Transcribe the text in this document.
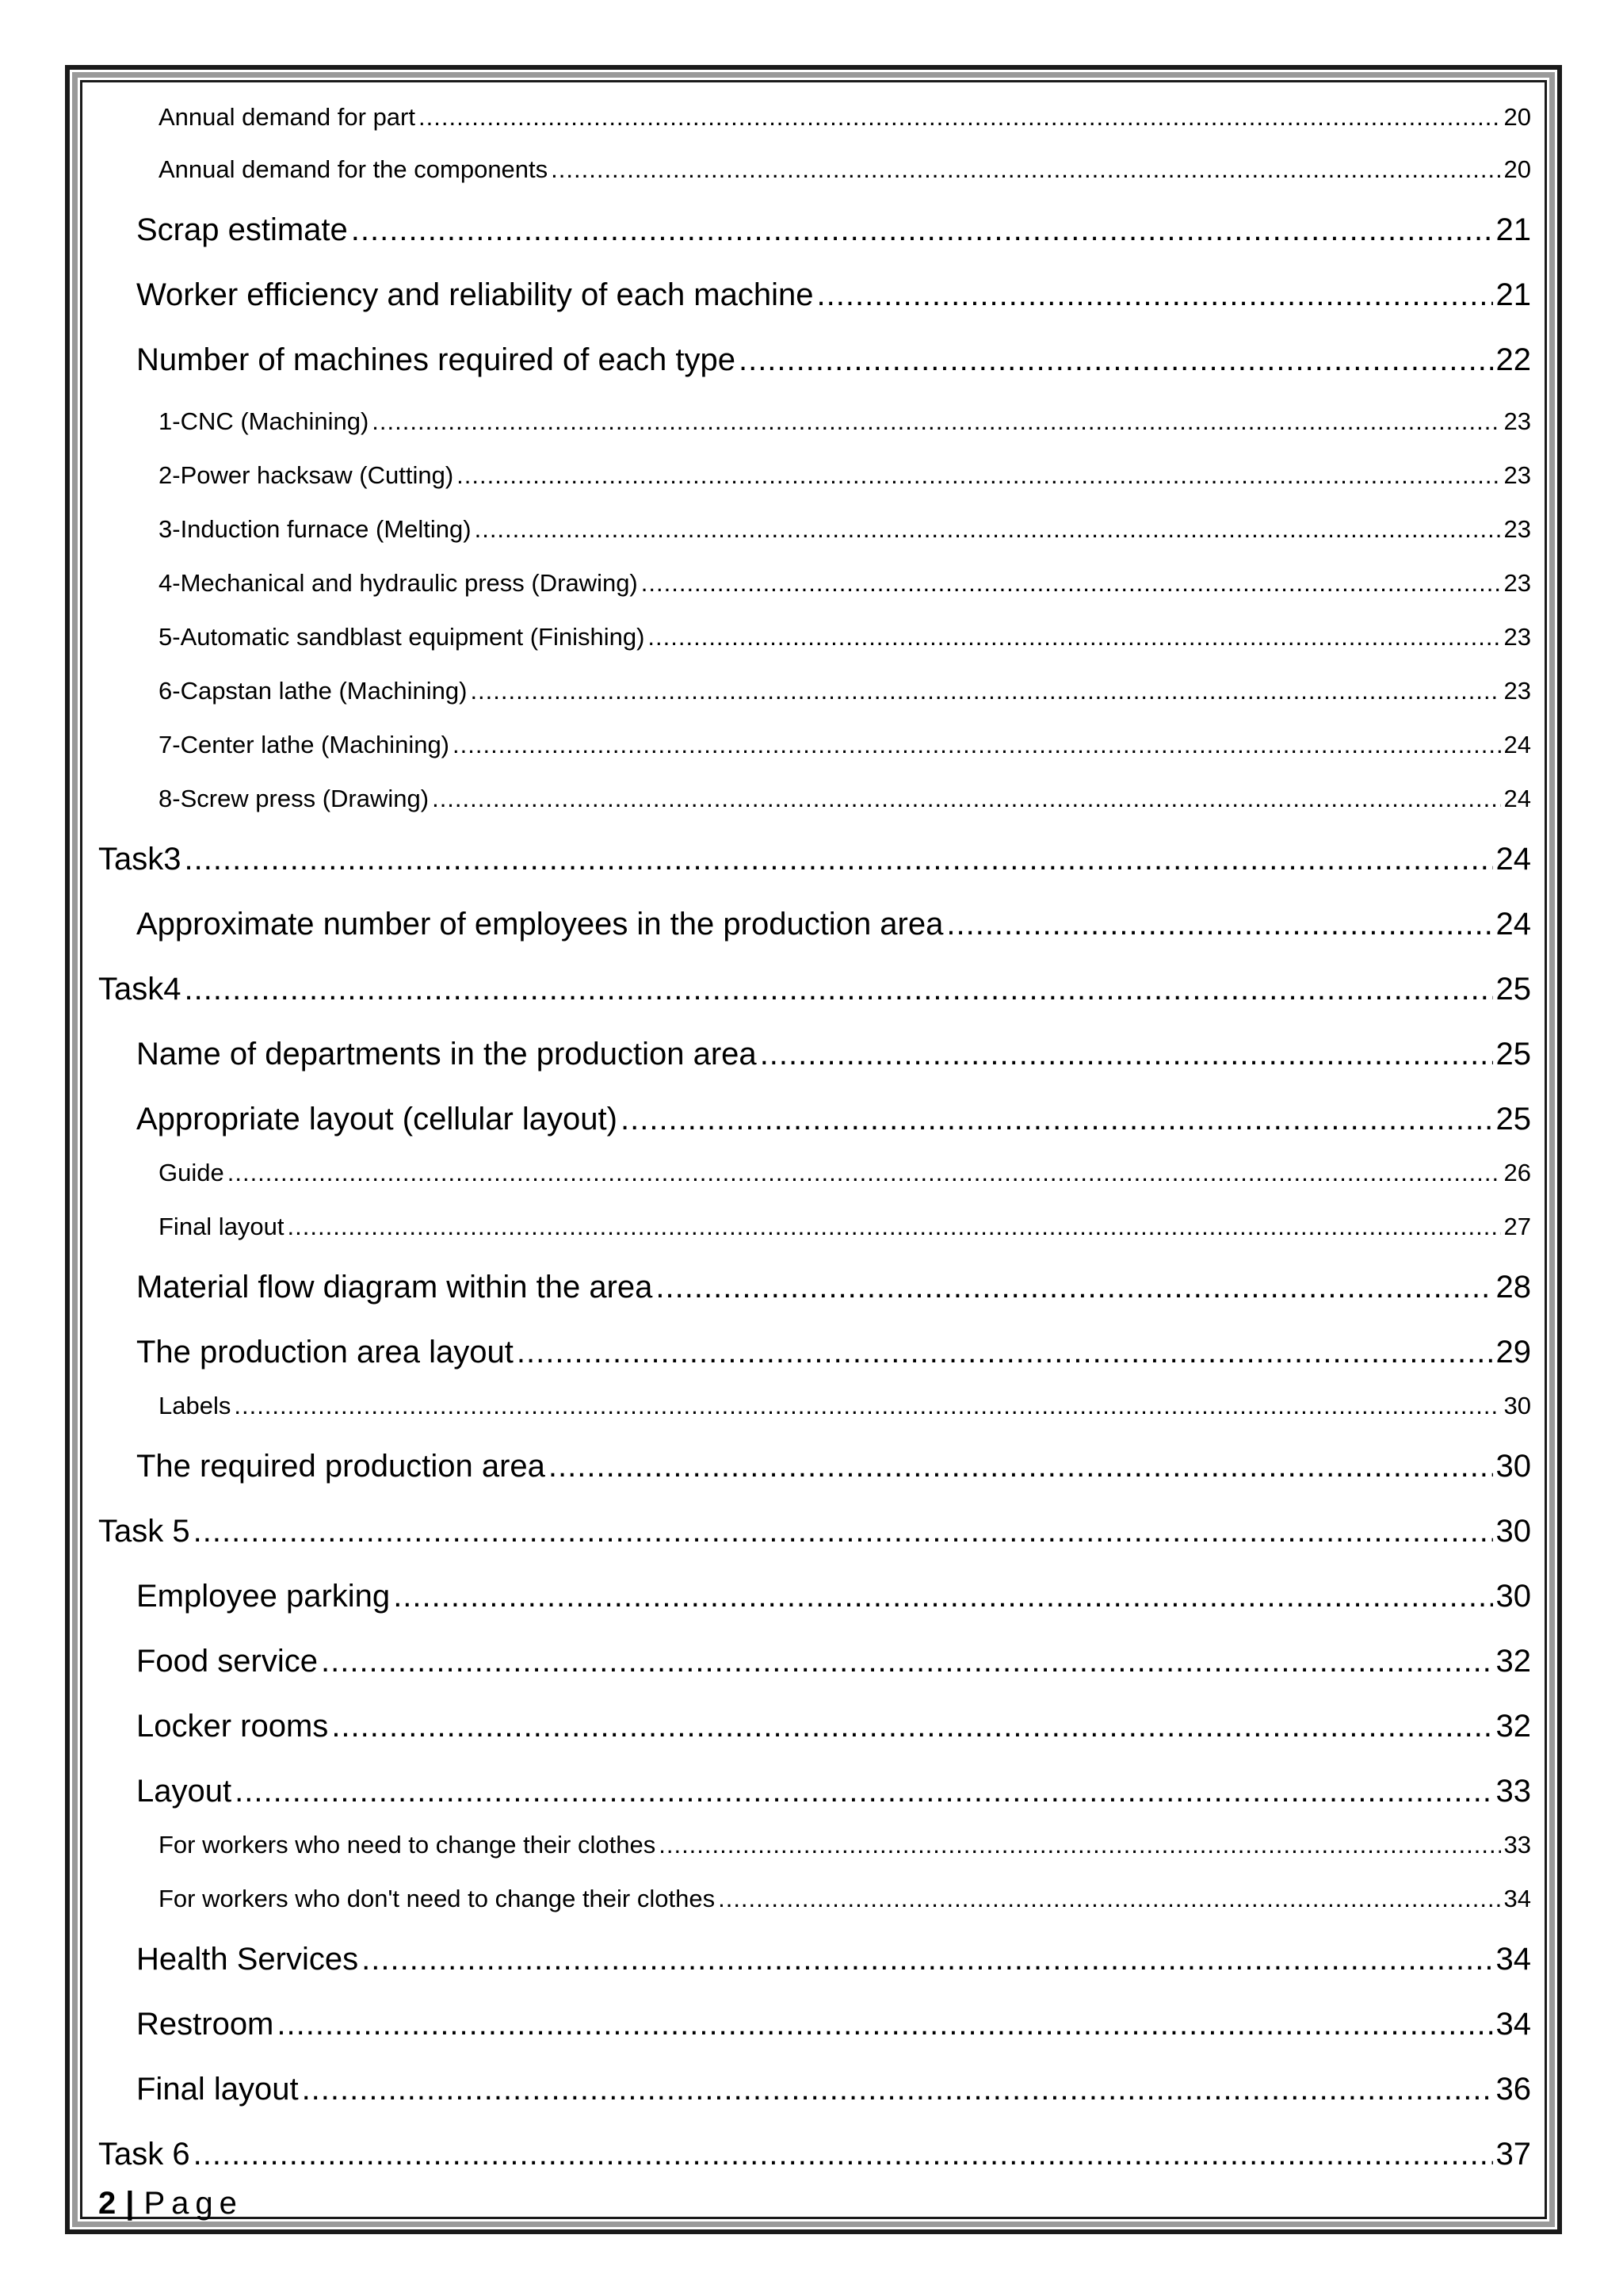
Annual demand for part .....	20
Annual demand for the components .....	20
Scrap estimate .....	21
Worker efficiency and reliability of each machine .....	21
Number of machines required of each type .....	22
1-CNC (Machining) .....	23
2-Power hacksaw (Cutting) .....	23
3-Induction furnace (Melting) .....	23
4-Mechanical and hydraulic press (Drawing) .....	23
5-Automatic sandblast equipment (Finishing) .....	23
6-Capstan lathe (Machining) .....	23
7-Center lathe (Machining) .....	24
8-Screw press (Drawing) .....	24
Task3 .....	24
Approximate number of employees in the production area .....	24
Task4 .....	25
Name of departments in the production area .....	25
Appropriate layout (cellular layout) .....	25
Guide .....	26
Final layout .....	27
Material flow diagram within the area .....	28
The production area layout .....	29
Labels .....	30
The required production area .....	30
Task 5 .....	30
Employee parking .....	30
Food service .....	32
Locker rooms .....	32
Layout .....	33
For workers who need to change their clothes .....	33
For workers who don't need to change their clothes .....	34
Health Services .....	34
Restroom .....	34
Final layout .....	36
Task 6 .....	37
2 | Page
